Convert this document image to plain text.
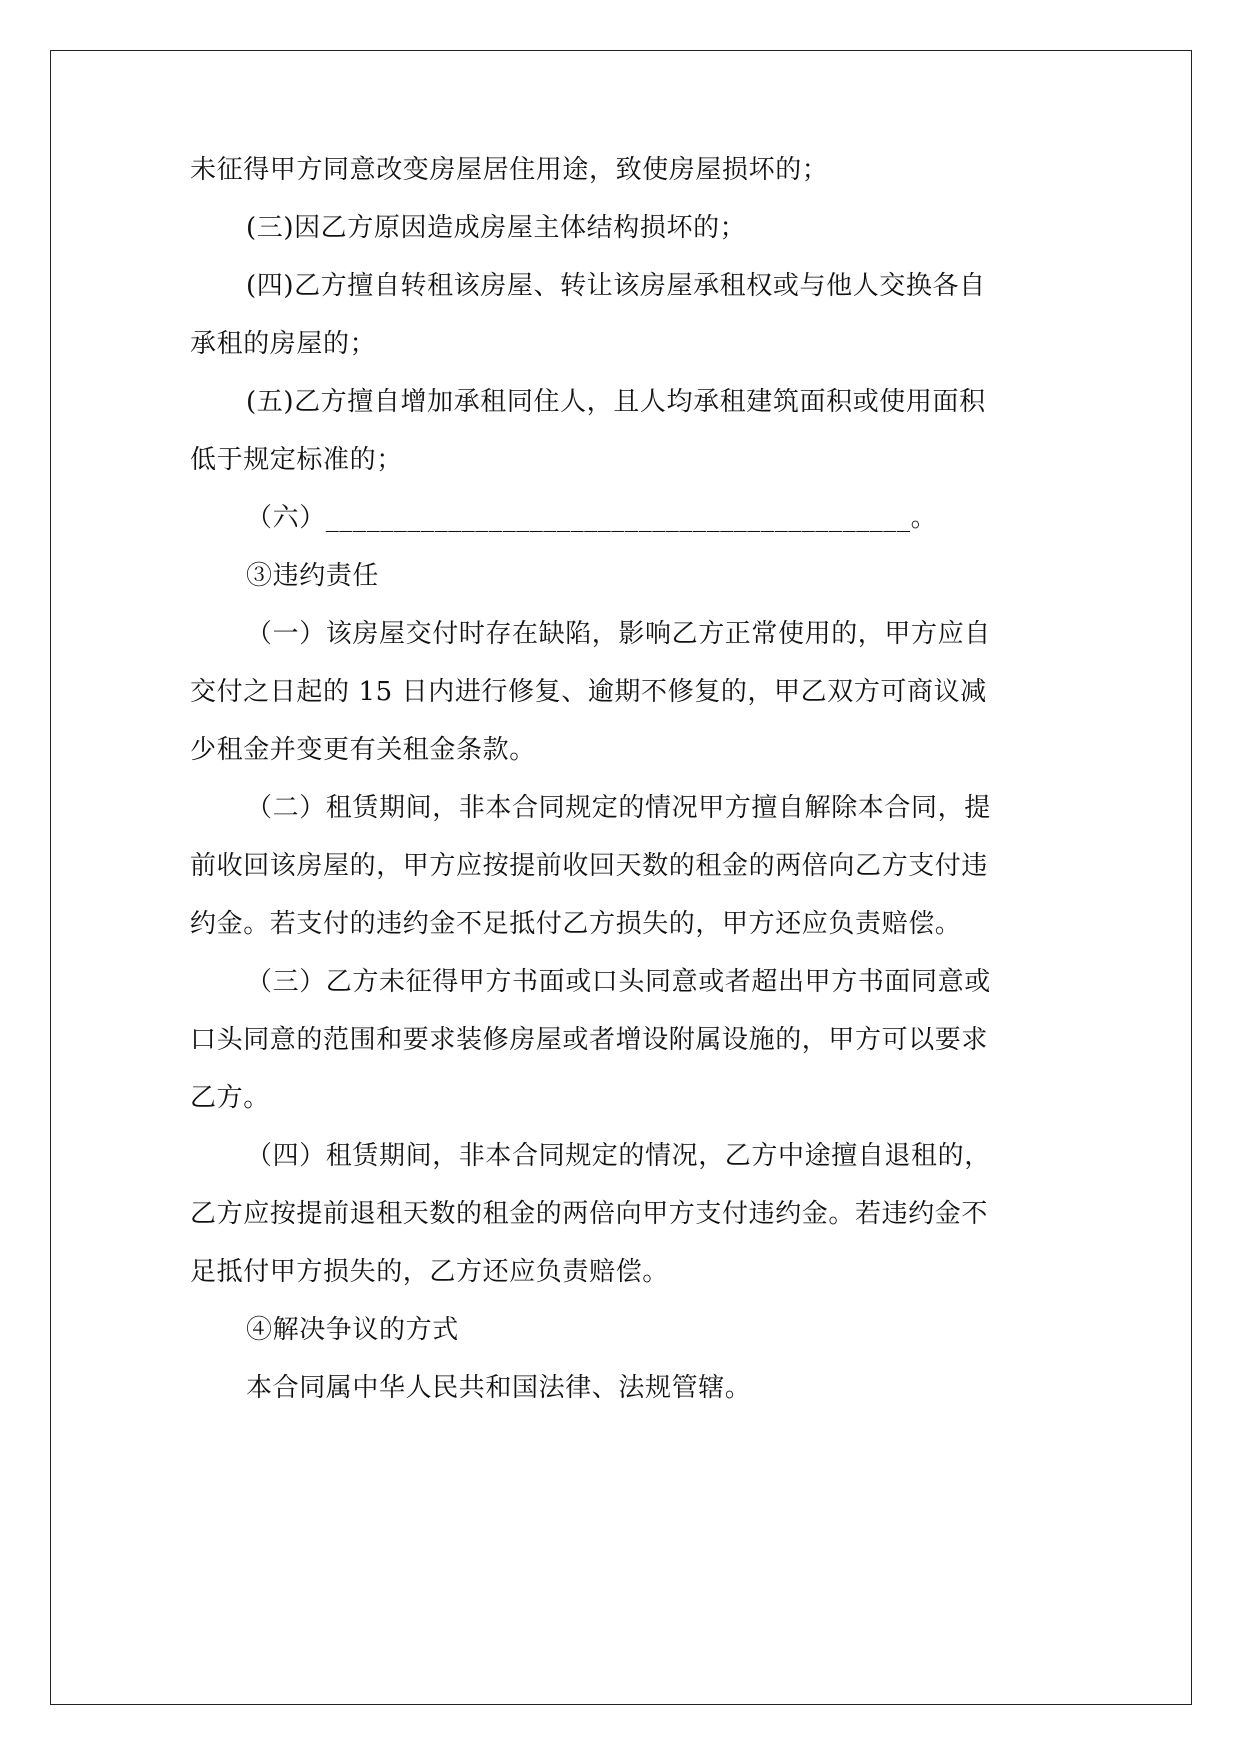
未征得甲方同意改变房屋居住用途，致使房屋损坏的；
(三)因乙方原因造成房屋主体结构损坏的；
(四)乙方擅自转租该房屋、转让该房屋承租权或与他人交换各自
承租的房屋的；
(五)乙方擅自增加承租同住人，且人均承租建筑面积或使用面积
低于规定标准的；
（六）___________________________________________。
③违约责任
（一）该房屋交付时存在缺陷，影响乙方正常使用的，甲方应自
交付之日起的 15 日内进行修复、逾期不修复的，甲乙双方可商议减
少租金并变更有关租金条款。
（二）租赁期间，非本合同规定的情况甲方擅自解除本合同，提
前收回该房屋的，甲方应按提前收回天数的租金的两倍向乙方支付违
约金。若支付的违约金不足抵付乙方损失的，甲方还应负责赔偿。
（三）乙方未征得甲方书面或口头同意或者超出甲方书面同意或
口头同意的范围和要求装修房屋或者增设附属设施的，甲方可以要求
乙方。
（四）租赁期间，非本合同规定的情况，乙方中途擅自退租的，
乙方应按提前退租天数的租金的两倍向甲方支付违约金。若违约金不
足抵付甲方损失的，乙方还应负责赔偿。
④解决争议的方式
本合同属中华人民共和国法律、法规管辖。
